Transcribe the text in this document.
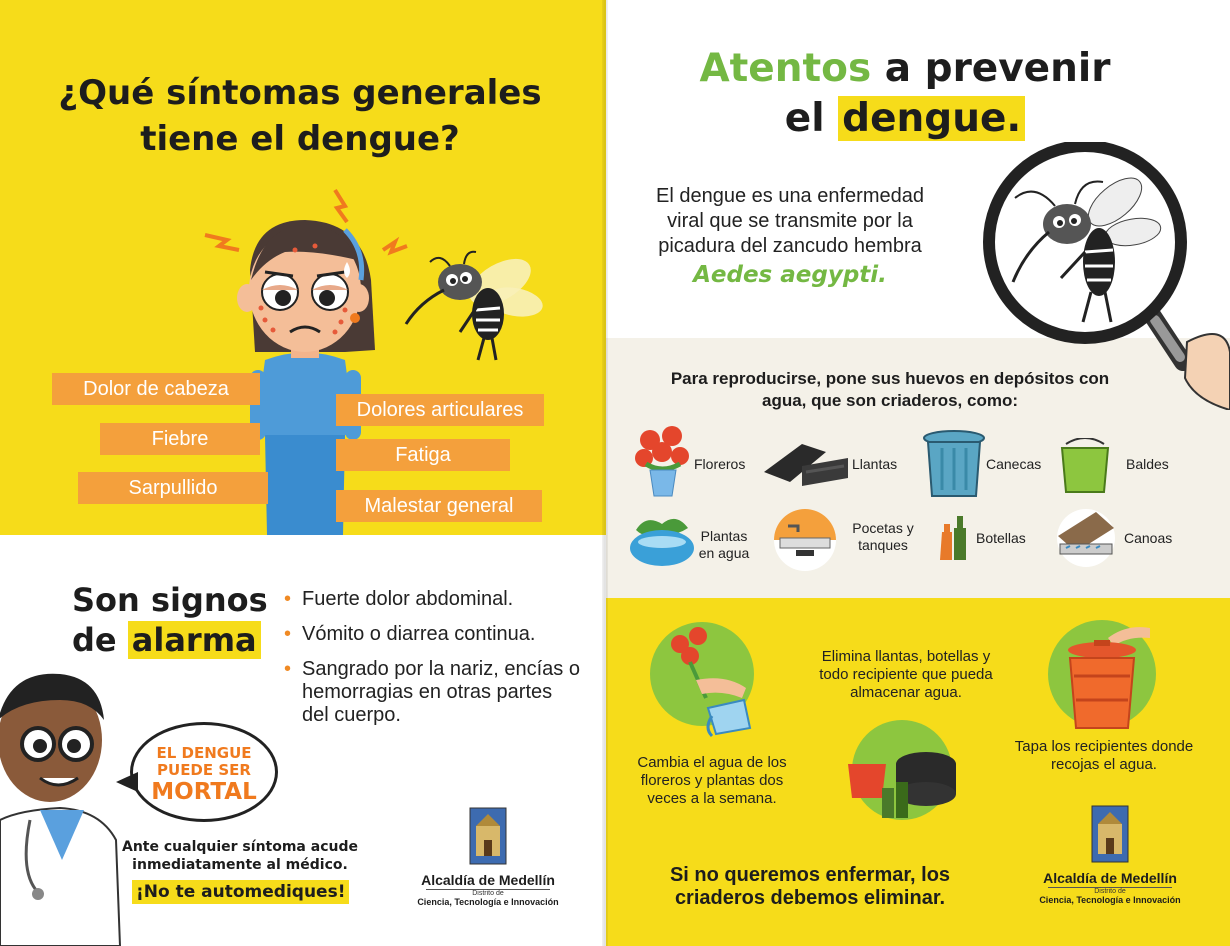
¿Qué síntomas generales tiene el dengue?
Dolor de cabeza
Dolores articulares
Fiebre
Fatiga
Sarpullido
Malestar general
Son signos
de alarma
• Fuerte dolor abdominal.
• Vómito o diarrea continua.
• Sangrado por la nariz, encías o hemorragias en otras partes del cuerpo.
EL DENGUE
PUEDE SER
MORTAL
Ante cualquier síntoma acude inmediatamente al médico.
¡No te automediques!
Alcaldía de Medellín
Distrito de
Ciencia, Tecnología e Innovación
Atentos a prevenir
el dengue.
El dengue es una enfermedad viral que se transmite por la picadura del zancudo hembra
Aedes aegypti.
Para reproducirse, pone sus huevos en depósitos con agua, que son criaderos, como:
Floreros	Llantas	Canecas	Baldes
Plantas en agua
Pocetas y tanques	Botellas	Canoas
Cambia el agua de los floreros y plantas dos veces a la semana.
Elimina llantas, botellas y todo recipiente que pueda almacenar agua.
Tapa los recipientes donde recojas el agua.
Si no queremos enfermar, los criaderos debemos eliminar.
Alcaldía de Medellín
Distrito de
Ciencia, Tecnología e Innovación
